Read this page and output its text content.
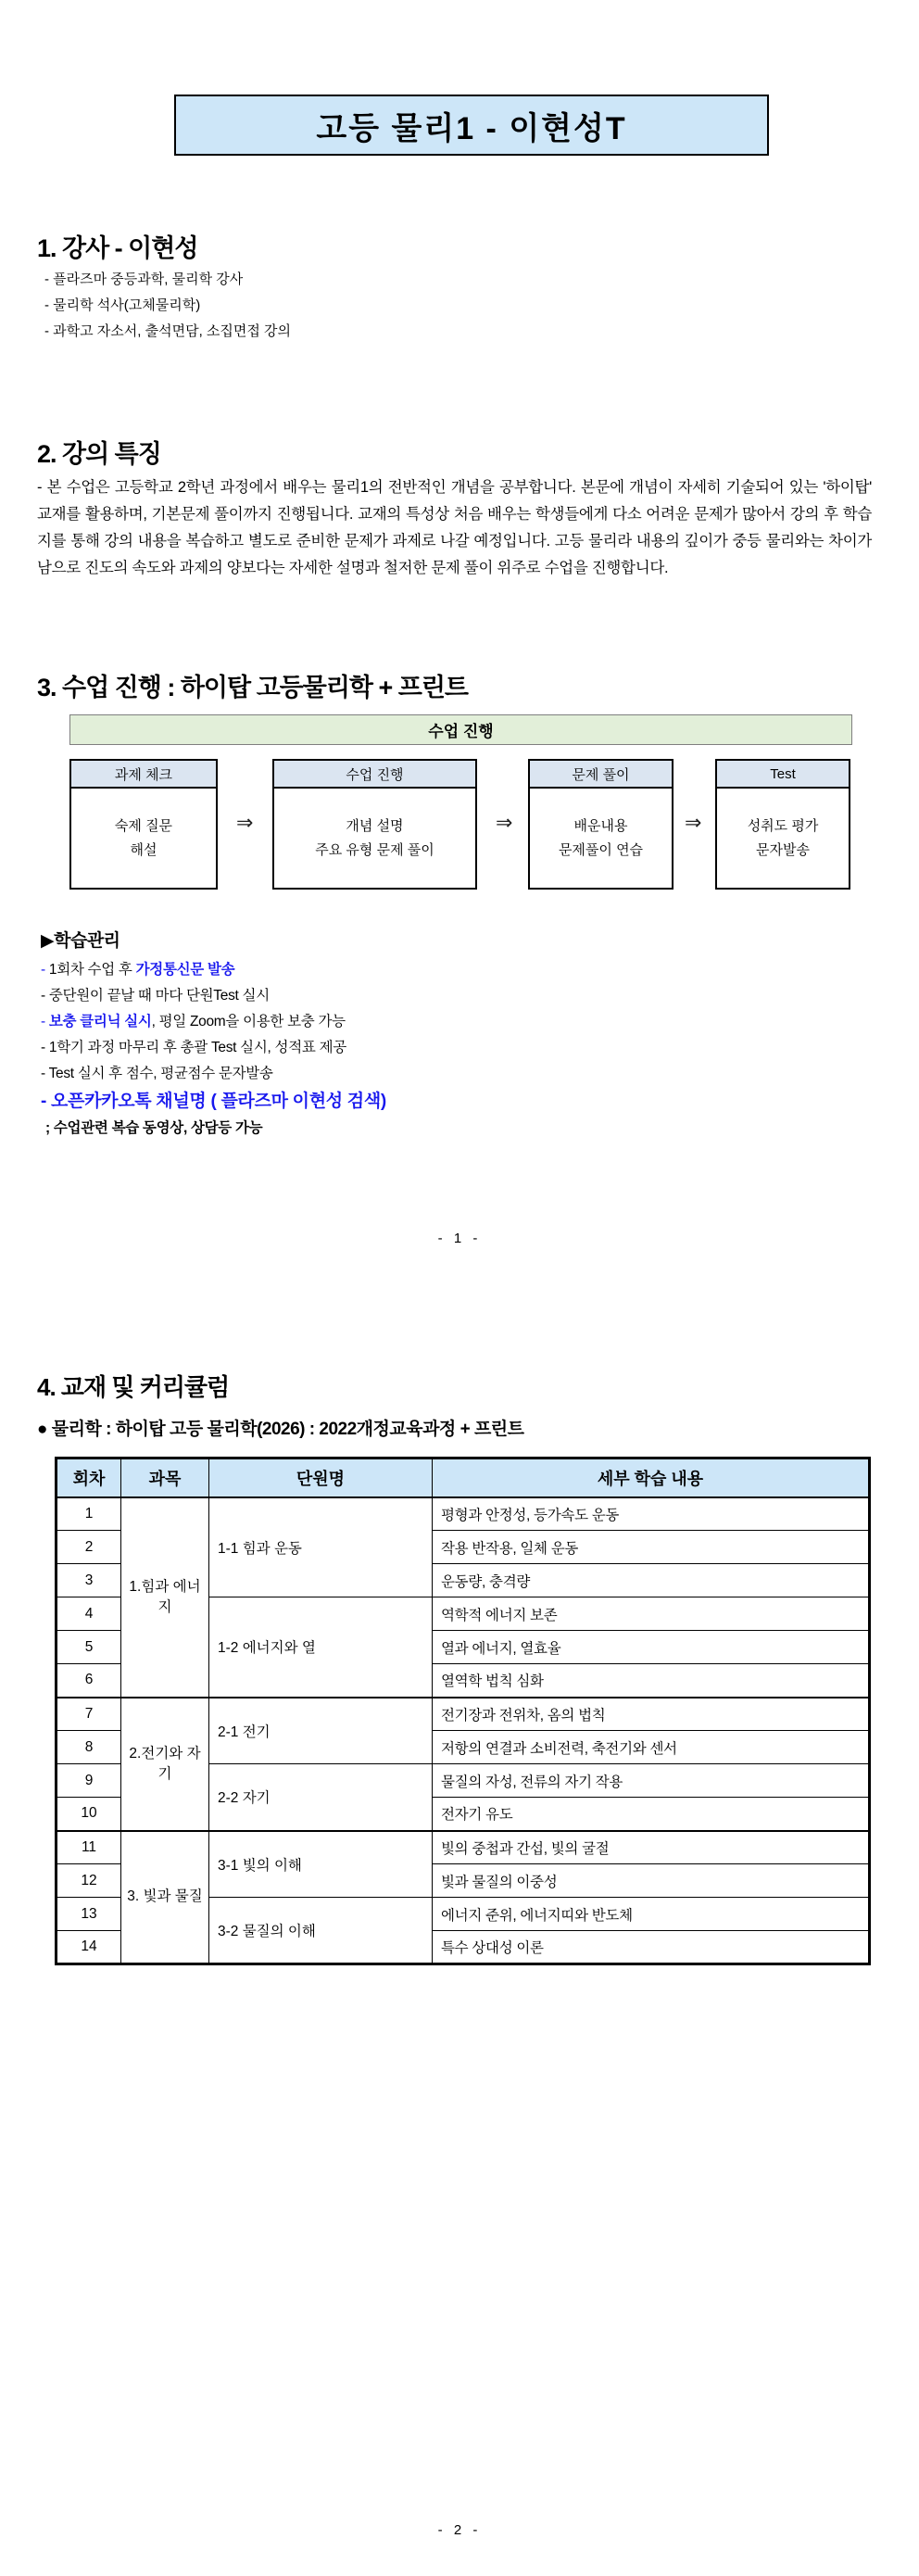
고등 물리1 - 이현성T
1. 강사 - 이현성
- 플라즈마 중등과학, 물리학 강사
- 물리학 석사(고체물리학)
- 과학고 자소서, 출석면담, 소집면접 강의
2. 강의 특징

- 본 수업은 고등학교 2학년 과정에서 배우는 물리1의 전반적인 개념을 공부합니다. 본문에 개념이 자세히 기술되어 있는 '하이탑' 교재를 활용하며, 기본문제 풀이까지 진행됩니다. 교재의 특성상 처음 배우는 학생들에게 다소 어려운 문제가 많아서 강의 후 학습지를 통해 강의 내용을 복습하고 별도로 준비한 문제가 과제로 나갈 예정입니다. 고등 물리라 내용의 깊이가 중등 물리와는 차이가 남으로 진도의 속도와 과제의 양보다는 자세한 설명과 철저한 문제 풀이 위주로 수업을 진행합니다.

3. 수업 진행 : 하이탑 고등물리학 + 프린트
수업 진행
과제 체크
숙제 질문
해설
⇒
수업 진행
개념 설명
주요 유형 문제 풀이
⇒
문제 풀이
배운내용
문제풀이 연습
⇒
Test
성취도 평가
문자발송
▶학습관리
- 1회차 수업 후 가정통신문 발송
- 중단원이 끝날 때 마다 단원Test 실시
- 보충 클리닉 실시, 평일 Zoom을 이용한 보충 가능
- 1학기 과정 마무리 후 총괄 Test 실시, 성적표 제공
- Test 실시 후 점수, 평균점수 문자발송
- 오픈카카오톡 채널명 ( 플라즈마 이현성 검색)
; 수업관련 복습 동영상, 상담등 가능
- 1 -
4. 교재 및 커리큘럼
● 물리학 : 하이탑 고등 물리학(2026) : 2022개정교육과정 + 프린트
회차	과목	단원명	세부 학습 내용
1	1.힘과 에너지	1-1 힘과 운동	평형과 안정성, 등가속도 운동
2			작용 반작용, 일체 운동
3			운동량, 충격량
4		1-2 에너지와 열	역학적 에너지 보존
5			열과 에너지, 열효율
6			열역학 법칙 심화
7	2.전기와 자기	2-1 전기	전기장과 전위차, 옴의 법칙
8			저항의 연결과 소비전력, 축전기와 센서
9		2-2 자기	물질의 자성, 전류의 자기 작용
10			전자기 유도
11	3. 빛과 물질	3-1 빛의 이해	빛의 중첩과 간섭, 빛의 굴절
12			빛과 물질의 이중성
13		3-2 물질의 이해	에너지 준위, 에너지띠와 반도체
14			특수 상대성 이론
- 2 -
